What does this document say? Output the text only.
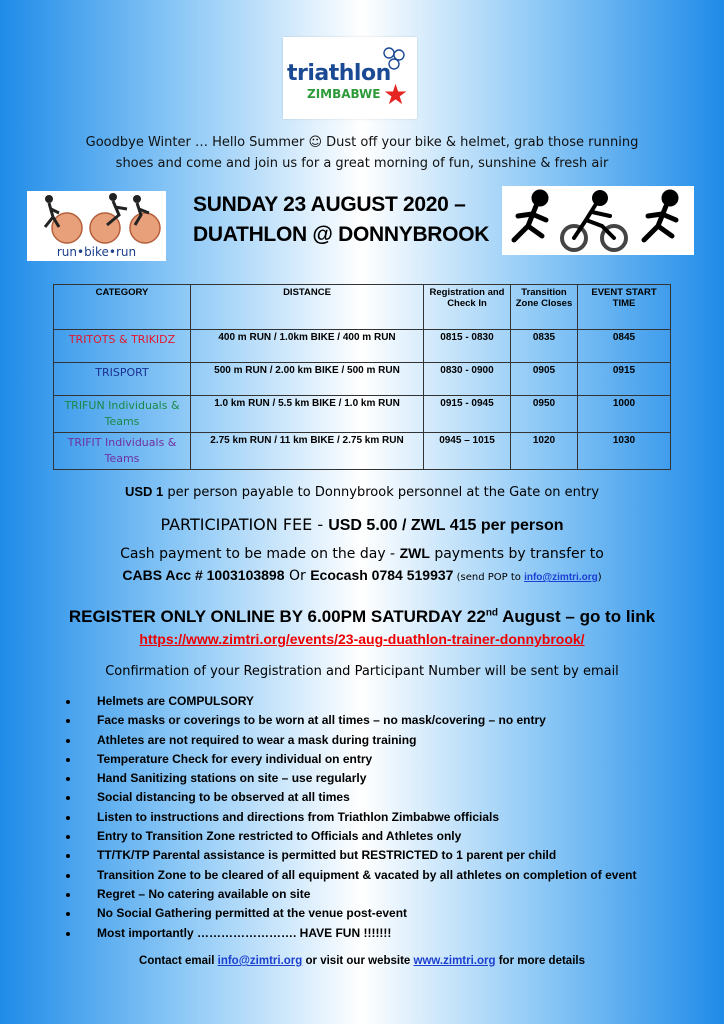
triathlon
ZIMBABWE ★
Goodbye Winter … Hello Summer ☺ Dust off your bike & helmet, grab those running
shoes and come and join us for a great morning of fun, sunshine & fresh air
run•bike•run
SUNDAY 23 AUGUST 2020 –
DUATHLON @ DONNYBROOK
CATEGORY	DISTANCE	Registration and Check In	Transition Zone Closes	EVENT START TIME
TRITOTS & TRIKIDZ	400 m RUN / 1.0km BIKE / 400 m RUN	0815 - 0830	0835	0845
TRISPORT	500 m RUN / 2.00 km BIKE / 500 m RUN	0830 - 0900	0905	0915
TRIFUN Individuals & Teams	1.0 km RUN / 5.5 km BIKE / 1.0 km RUN	0915 - 0945	0950	1000
TRIFIT Individuals & Teams	2.75 km RUN / 11 km BIKE / 2.75 km RUN	0945 – 1015	1020	1030
USD 1 per person payable to Donnybrook personnel at the Gate on entry
PARTICIPATION FEE - USD 5.00 / ZWL 415 per person
Cash payment to be made on the day - ZWL payments by transfer to
CABS Acc # 1003103898 Or Ecocash 0784 519937 (send POP to info@zimtri.org)
REGISTER ONLY ONLINE BY 6.00PM SATURDAY 22nd August – go to link
https://www.zimtri.org/events/23-aug-duathlon-trainer-donnybrook/
Confirmation of your Registration and Participant Number will be sent by email
• Helmets are COMPULSORY
• Face masks or coverings to be worn at all times – no mask/covering – no entry
• Athletes are not required to wear a mask during training
• Temperature Check for every individual on entry
• Hand Sanitizing stations on site – use regularly
• Social distancing to be observed at all times
• Listen to instructions and directions from Triathlon Zimbabwe officials
• Entry to Transition Zone restricted to Officials and Athletes only
• TT/TK/TP Parental assistance is permitted but RESTRICTED to 1 parent per child
• Transition Zone to be cleared of all equipment & vacated by all athletes on completion of event
• Regret – No catering available on site
• No Social Gathering permitted at the venue post-event
• Most importantly ……………………. HAVE FUN !!!!!!!
Contact email info@zimtri.org or visit our website www.zimtri.org for more details
